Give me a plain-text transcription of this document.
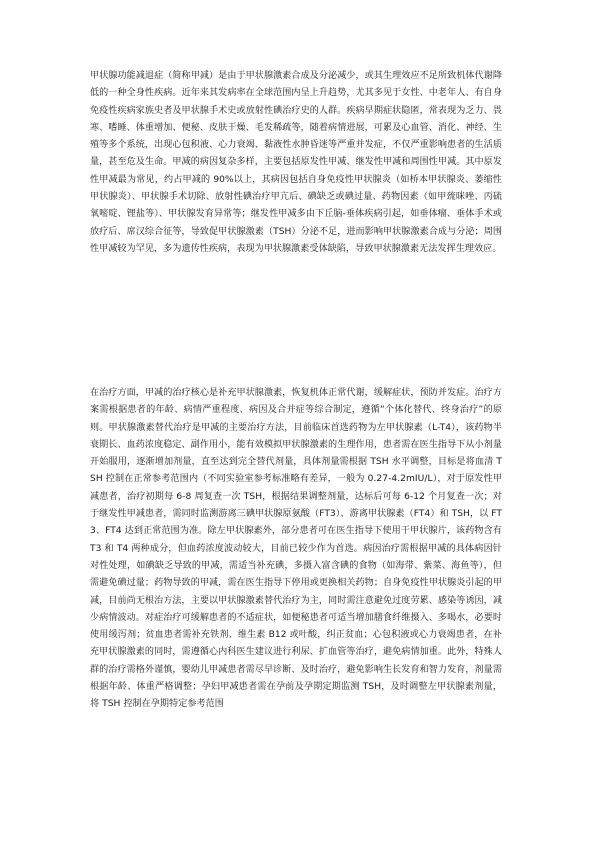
甲状腺功能减退症（简称甲减）是由于甲状腺激素合成及分泌减少，或其生理效应不足所致机体代谢降低的一种全身性疾病。近年来其发病率在全球范围内呈上升趋势，尤其多见于女性、中老年人、有自身免疫性疾病家族史者及甲状腺手术史或放射性碘治疗史的人群。疾病早期症状隐匿，常表现为乏力、畏寒、嗜睡、体重增加、便秘、皮肤干燥、毛发稀疏等，随着病情进展，可累及心血管、消化、神经、生殖等多个系统，出现心包积液、心力衰竭、黏液性水肿昏迷等严重并发症，不仅严重影响患者的生活质量，甚至危及生命。甲减的病因复杂多样，主要包括原发性甲减、继发性甲减和周围性甲减。其中原发性甲减最为常见，约占甲减的 90%以上，其病因包括自身免疫性甲状腺炎（如桥本甲状腺炎、萎缩性甲状腺炎）、甲状腺手术切除、放射性碘治疗甲亢后、碘缺乏或碘过量、药物因素（如甲巯咪唑、丙硫氧嘧啶、锂盐等）、甲状腺发育异常等；继发性甲减多由下丘脑-垂体疾病引起，如垂体瘤、垂体手术或放疗后、席汉综合征等，导致促甲状腺激素（TSH）分泌不足，进而影响甲状腺激素合成与分泌；周围性甲减较为罕见，多为遗传性疾病，表现为甲状腺激素受体缺陷，导致甲状腺激素无法发挥生理效应。

在治疗方面，甲减的治疗核心是补充甲状腺激素，恢复机体正常代谢，缓解症状，预防并发症。治疗方案需根据患者的年龄、病情严重程度、病因及合并症等综合制定，遵循“个体化替代、终身治疗”的原则。甲状腺激素替代治疗是甲减的主要治疗方法，目前临床首选药物为左甲状腺素（L-T4），该药物半衰期长、血药浓度稳定、副作用小，能有效模拟甲状腺激素的生理作用，患者需在医生指导下从小剂量开始服用，逐渐增加剂量，直至达到完全替代剂量，具体剂量需根据 TSH 水平调整，目标是将血清 TSH 控制在正常参考范围内（不同实验室参考标准略有差异，一般为 0.27-4.2mIU/L），对于原发性甲减患者，治疗初期每 6-8 周复查一次 TSH，根据结果调整剂量，达标后可每 6-12 个月复查一次；对于继发性甲减患者，需同时监测游离三碘甲状腺原氨酸（FT3）、游离甲状腺素（FT4）和 TSH，以 FT3、FT4 达到正常范围为准。除左甲状腺素外，部分患者可在医生指导下使用干甲状腺片，该药物含有 T3 和 T4 两种成分，但血药浓度波动较大，目前已较少作为首选。病因治疗需根据甲减的具体病因针对性处理，如碘缺乏导致的甲减，需适当补充碘，多摄入富含碘的食物（如海带、紫菜、海鱼等），但需避免碘过量；药物导致的甲减，需在医生指导下停用或更换相关药物；自身免疫性甲状腺炎引起的甲减，目前尚无根治方法，主要以甲状腺激素替代治疗为主，同时需注意避免过度劳累、感染等诱因，减少病情波动。对症治疗可缓解患者的不适症状，如便秘患者可适当增加膳食纤维摄入、多喝水，必要时使用缓泻剂；贫血患者需补充铁剂、维生素 B12 或叶酸，纠正贫血；心包积液或心力衰竭患者，在补充甲状腺激素的同时，需遵循心内科医生建议进行利尿、扩血管等治疗，避免病情加重。此外，特殊人群的治疗需格外谨慎，婴幼儿甲减患者需尽早诊断、及时治疗，避免影响生长发育和智力发育，剂量需根据年龄、体重严格调整；孕妇甲减患者需在孕前及孕期定期监测 TSH，及时调整左甲状腺素剂量，将 TSH 控制在孕期特定参考范围
